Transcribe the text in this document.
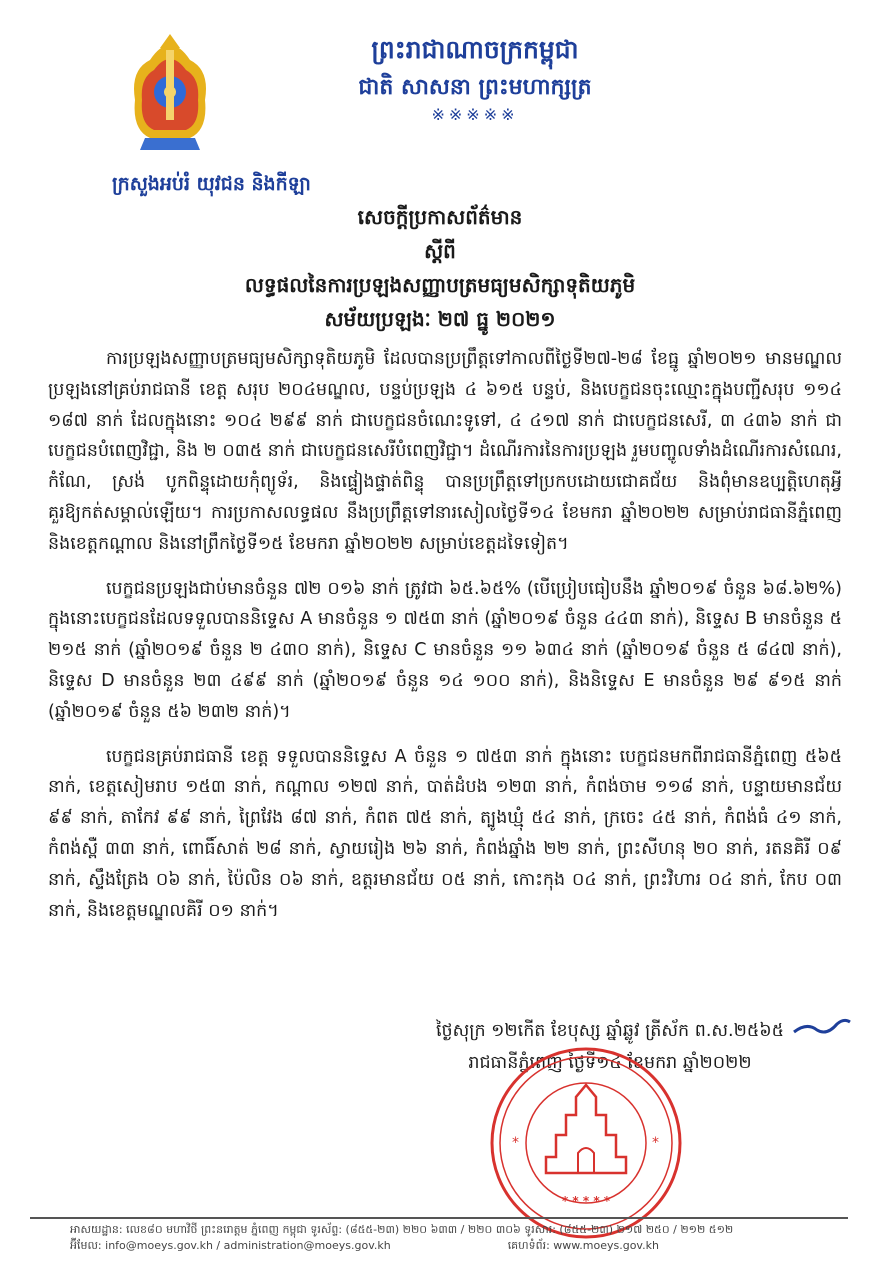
ព្រះរាជាណាចក្រកម្ពុជា
ជាតិ សាសនា ព្រះមហាក្សត្រ
※※※※※
ក្រសួងអប់រំ យុវជន និងកីឡា
សេចក្តីប្រកាសព័ត៌មាន
ស្តីពី
លទ្ធផលនៃការប្រឡងសញ្ញាបត្រមធ្យមសិក្សាទុតិយភូមិ
សម័យប្រឡងៈ ២៧ ធ្នូ ២០២១

ការប្រឡងសញ្ញាបត្រមធ្យមសិក្សាទុតិយភូមិ ដែលបានប្រព្រឹត្តទៅកាលពីថ្ងៃទី២៧-២៨ ខែធ្នូ ឆ្នាំ២០២១ មានមណ្ឌលប្រឡងនៅគ្រប់រាជធានី ខេត្ត សរុប ២០៤មណ្ឌល, បន្ទប់ប្រឡង ៤ ៦១៥ បន្ទប់, និងបេក្ខជនចុះឈ្មោះក្នុងបញ្ជីសរុប ១១៤ ១៨៧ នាក់ ដែលក្នុងនោះ ១០៤ ២៩៩ នាក់ ជាបេក្ខជនចំណេះទូទៅ, ៤ ៤១៧ នាក់ ជាបេក្ខជនសេរី, ៣ ៤៣៦ នាក់ ជាបេក្ខជនបំពេញវិជ្ជា, និង ២ ០៣៥ នាក់ ជាបេក្ខជនសេរីបំពេញវិជ្ជា។ ដំណើរការនៃការប្រឡង រួមបញ្ចូលទាំងដំណើរការសំណេរ, កំណែ, ស្រង់ បូកពិន្ទុដោយកុំព្យូទ័រ, និងផ្ទៀងផ្ទាត់ពិន្ទុ បានប្រព្រឹត្តទៅប្រកបដោយជោគជ័យ និងពុំមានឧប្បត្តិហេតុអ្វីគួរឱ្យកត់សម្គាល់ឡើយ។ ការប្រកាសលទ្ធផល នឹងប្រព្រឹត្តទៅនារសៀលថ្ងៃទី១៤ ខែមករា ឆ្នាំ២០២២ សម្រាប់រាជធានីភ្នំពេញ និងខេត្តកណ្តាល និងនៅព្រឹកថ្ងៃទី១៥ ខែមករា ឆ្នាំ២០២២ សម្រាប់ខេត្តដទៃទៀត។

បេក្ខជនប្រឡងជាប់មានចំនួន ៧២ ០១៦ នាក់ ត្រូវជា ៦៥.៦៥% (បើប្រៀបធៀបនឹង ឆ្នាំ២០១៩ ចំនួន ៦៨.៦២%) ក្នុងនោះបេក្ខជនដែលទទួលបាននិទ្ទេស A មានចំនួន ១ ៧៥៣ នាក់ (ឆ្នាំ២០១៩ ចំនួន ៤៤៣ នាក់), និទ្ទេស B មានចំនួន ៥ ២១៥ នាក់ (ឆ្នាំ២០១៩ ចំនួន ២ ៤៣០ នាក់), និទ្ទេស C មានចំនួន ១១ ៦៣៤ នាក់ (ឆ្នាំ២០១៩ ចំនួន ៥ ៨៤៧ នាក់), និទ្ទេស D មានចំនួន ២៣ ៤៩៩ នាក់ (ឆ្នាំ២០១៩ ចំនួន ១៤ ១០០ នាក់), និងនិទ្ទេស E មានចំនួន ២៩ ៩១៥ នាក់ (ឆ្នាំ២០១៩ ចំនួន ៥៦ ២៣២ នាក់)។

បេក្ខជនគ្រប់រាជធានី ខេត្ត ទទួលបាននិទ្ទេស A ចំនួន ១ ៧៥៣ នាក់ ក្នុងនោះ បេក្ខជនមកពីរាជធានីភ្នំពេញ ៥៦៥ នាក់, ខេត្តសៀមរាប ១៥៣ នាក់, កណ្តាល ១២៧ នាក់, បាត់ដំបង ១២៣ នាក់, កំពង់ចាម ១១៨ នាក់, បន្ទាយមានជ័យ ៩៩ នាក់, តាកែវ ៩៩ នាក់, ព្រៃវែង ៨៧ នាក់, កំពត ៧៥ នាក់, ត្បូងឃ្មុំ ៥៤ នាក់, ក្រចេះ ៤៥ នាក់, កំពង់ធំ ៤១ នាក់, កំពង់ស្ពឺ ៣៣ នាក់, ពោធិ៍សាត់ ២៨ នាក់, ស្វាយរៀង ២៦ នាក់, កំពង់ឆ្នាំង ២២ នាក់, ព្រះសីហនុ ២០ នាក់, រតនគិរី ០៩ នាក់, ស្ទឹងត្រែង ០៦ នាក់, ប៉ៃលិន ០៦ នាក់, ឧត្តរមានជ័យ ០៥ នាក់, កោះកុង ០៤ នាក់, ព្រះវិហារ ០៤ នាក់, កែប ០៣ នាក់, និងខេត្តមណ្ឌលគិរី ០១ នាក់។

ថ្ងៃសុក្រ ១២កើត ខែបុស្ស ឆ្នាំឆ្លូវ ត្រីស័ក ព.ស.២៥៦៥
រាជធានីភ្នំពេញ ថ្ងៃទី១៤ ខែមករា ឆ្នាំ២០២២
* * * * *
*	*
អាសយដ្ឋាន: លេខ៨០ មហាវិថី ព្រះនរោត្តម ភ្នំពេញ កម្ពុជា ទូរស័ព្ទ: (៨៥៥-២៣) ២២០ ៦៣៣ / ២២០ ៣០៦ ទូរសារ: (៨៥៥-២៣) ២១៧ ២៥០ / ២១២ ៥១២
អ៊ីមែល: info@moeys.gov.kh / administration@moeys.gov.kh	គេហទំព័រ: www.moeys.gov.kh
